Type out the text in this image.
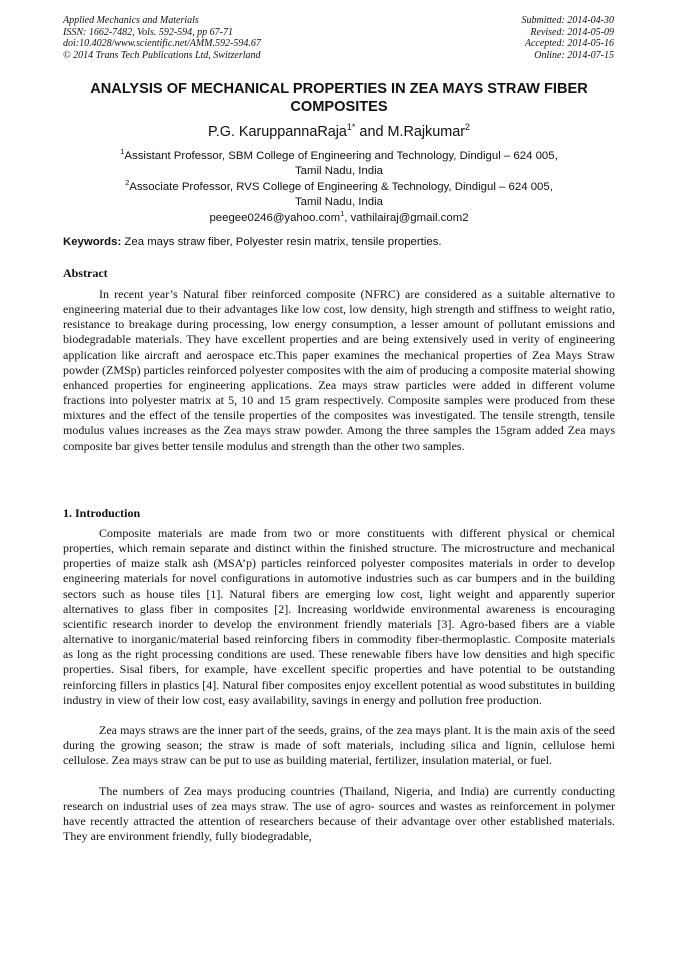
Applied Mechanics and Materials
ISSN: 1662-7482, Vols. 592-594, pp 67-71
doi:10.4028/www.scientific.net/AMM.592-594.67
© 2014 Trans Tech Publications Ltd, Switzerland
Submitted: 2014-04-30
Revised: 2014-05-09
Accepted: 2014-05-16
Online: 2014-07-15
ANALYSIS OF MECHANICAL PROPERTIES IN ZEA MAYS STRAW FIBER
COMPOSITES
P.G. KaruppannaRaja$^{1*}$ and M.Rajkumar$^2$
$^1$Assistant Professor, SBM College of Engineering and Technology, Dindigul – 624 005,
Tamil Nadu, India
$^2$Associate Professor, RVS College of Engineering & Technology, Dindigul – 624 005,
Tamil Nadu, India
peegee0246@yahoo.com$^1$, vathilairaj@gmail.com2
Keywords: Zea mays straw fiber, Polyester resin matrix, tensile properties.
Abstract

In recent year’s Natural fiber reinforced composite (NFRC) are considered as a suitable alternative to engineering material due to their advantages like low cost, low density, high strength and stiffness to weight ratio, resistance to breakage during processing, low energy consumption, a lesser amount of pollutant emissions and biodegradable materials. They have excellent properties and are being extensively used in verity of engineering application like aircraft and aerospace etc.This paper examines the mechanical properties of Zea Mays Straw powder (ZMSp) particles reinforced polyester composites with the aim of producing a composite material showing enhanced properties for engineering applications. Zea mays straw particles were added in different volume fractions into polyester matrix at 5, 10 and 15 gram respectively. Composite samples were produced from these mixtures and the effect of the tensile properties of the composites was investigated. The tensile strength, tensile modulus values increases as the Zea mays straw powder. Among the three samples the 15gram added Zea mays composite bar gives better tensile modulus and strength than the other two samples.

1. Introduction

Composite materials are made from two or more constituents with different physical or chemical properties, which remain separate and distinct within the finished structure. The microstructure and mechanical properties of maize stalk ash (MSA’p) particles reinforced polyester composites materials in order to develop engineering materials for novel configurations in automotive industries such as car bumpers and in the building sectors such as house tiles [1]. Natural fibers are emerging low cost, light weight and apparently superior alternatives to glass fiber in composites [2]. Increasing worldwide environmental awareness is encouraging scientific research inorder to develop the environment friendly materials [3]. Agro-based fibers are a viable alternative to inorganic/material based reinforcing fibers in commodity fiber-thermoplastic. Composite materials as long as the right processing conditions are used. These renewable fibers have low densities and high specific properties. Sisal fibers, for example, have excellent specific properties and have potential to be outstanding reinforcing fillers in plastics [4]. Natural fiber composites enjoy excellent potential as wood substitutes in building industry in view of their low cost, easy availability, savings in energy and pollution free production.

Zea mays straws are the inner part of the seeds, grains, of the zea mays plant. It is the main axis of the seed during the growing season; the straw is made of soft materials, including silica and lignin, cellulose hemi cellulose. Zea mays straw can be put to use as building material, fertilizer, insulation material, or fuel.

The numbers of Zea mays producing countries (Thailand, Nigeria, and India) are currently conducting research on industrial uses of zea mays straw. The use of agro- sources and wastes as reinforcement in polymer have recently attracted the attention of researchers because of their advantage over other established materials. They are environment friendly, fully biodegradable,
